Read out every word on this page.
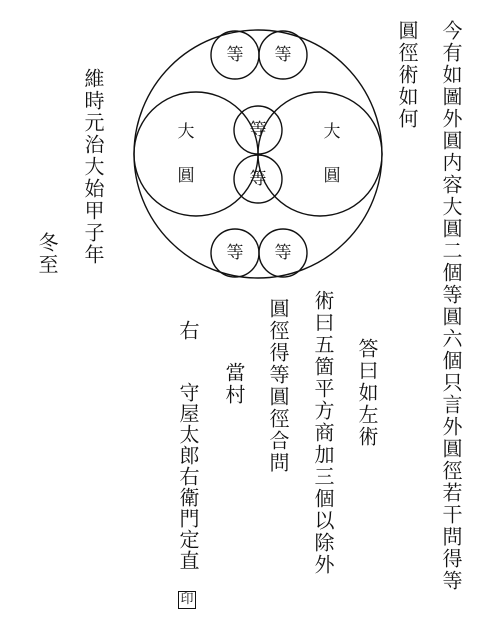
今有如圖外圓内容大圓二個等圓六個只言外圓徑若干問得等
圓徑術如何
答曰如左術
術曰五箇平方商加三個以除外
圓徑得等圓徑合問
當村
右
守屋太郎右衛門定直
印
維時元治大始甲子年
冬至
大
圓
大
圓
等 等
等
等
等 等
